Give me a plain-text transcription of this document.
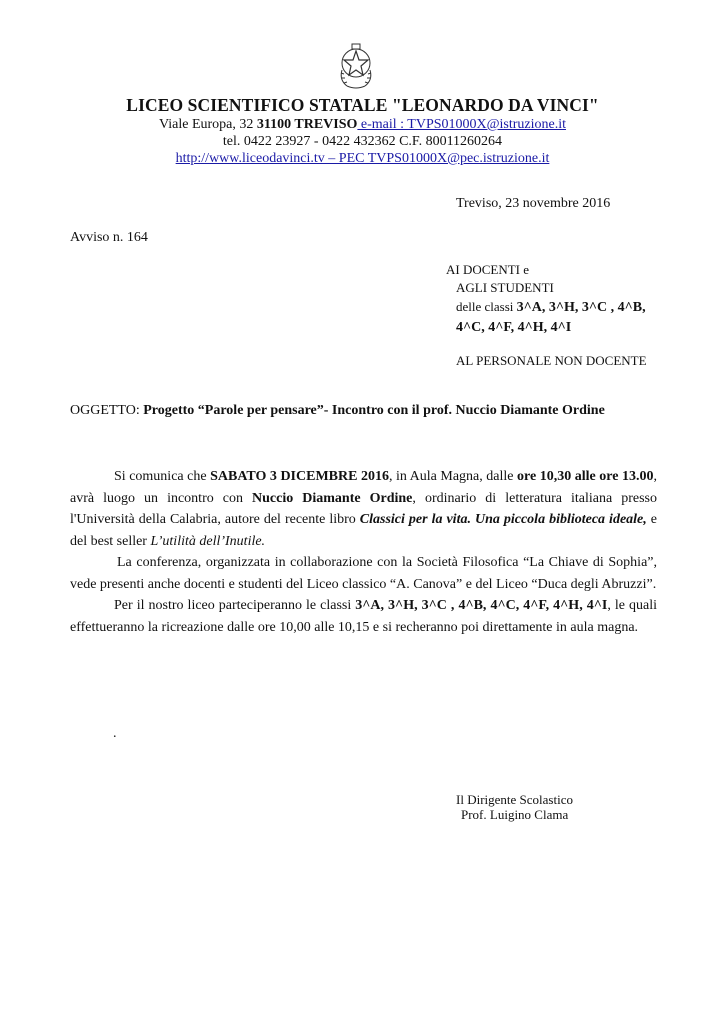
LICEO SCIENTIFICO STATALE "LEONARDO DA VINCI"
Viale Europa, 32 31100 TREVISO e-mail : TVPS01000X@istruzione.it
tel. 0422 23927 - 0422 432362 C.F. 80011260264
http://www.liceodavinci.tv – PEC TVPS01000X@pec.istruzione.it
Treviso, 23 novembre 2016
Avviso n. 164
AI DOCENTI e
AGLI STUDENTI
delle classi 3^A, 3^H, 3^C , 4^B,
4^C, 4^F, 4^H, 4^I
AL PERSONALE NON DOCENTE
OGGETTO: Progetto “Parole per pensare”- Incontro con il prof. Nuccio Diamante Ordine

Si comunica che SABATO 3 DICEMBRE 2016, in Aula Magna, dalle ore 10,30 alle ore 13.00, avrà luogo un incontro con Nuccio Diamante Ordine, ordinario di letteratura italiana presso l'Università della Calabria, autore del recente libro Classici per la vita. Una piccola biblioteca ideale, e del best seller L’utilità dell’Inutile.

La conferenza, organizzata in collaborazione con la Società Filosofica “La Chiave di Sophia”, vede presenti anche docenti e studenti del Liceo classico “A. Canova” e del Liceo “Duca degli Abruzzi”.

Per il nostro liceo parteciperanno le classi 3^A, 3^H, 3^C , 4^B, 4^C, 4^F, 4^H, 4^I, le quali effettueranno la ricreazione dalle ore 10,00 alle 10,15 e si recheranno poi direttamente in aula magna.

.
Il Dirigente Scolastico
Prof. Luigino Clama
